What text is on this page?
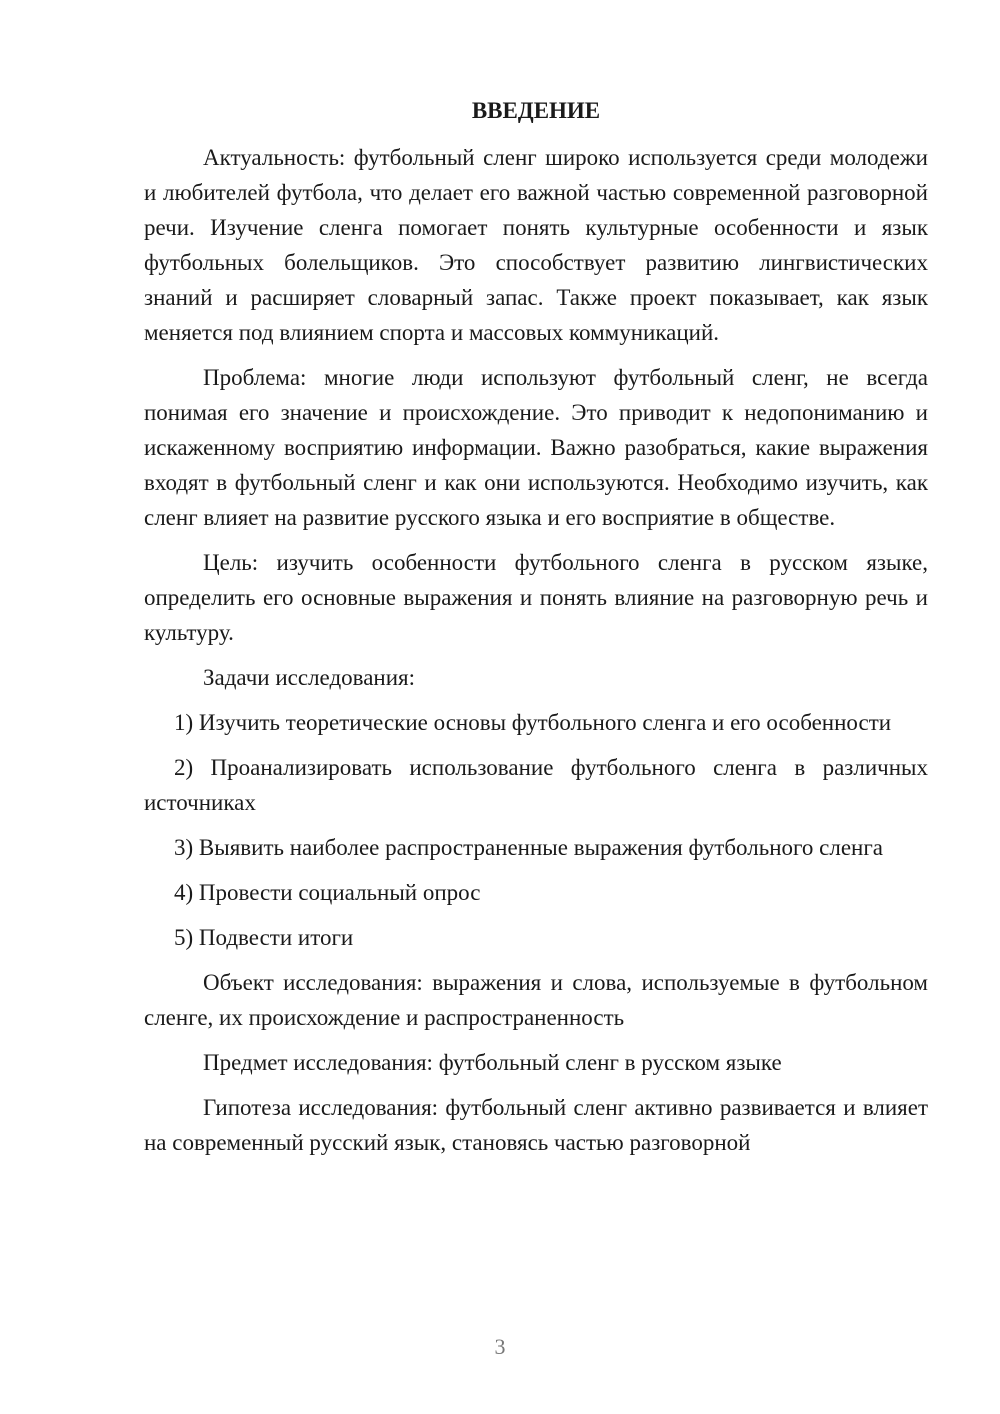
ВВЕДЕНИЕ

Актуальность: футбольный сленг широко используется среди молодежи и любителей футбола, что делает его важной частью современной разговорной речи. Изучение сленга помогает понять культурные особенности и язык футбольных болельщиков. Это способствует развитию лингвистических знаний и расширяет словарный запас. Также проект показывает, как язык меняется под влиянием спорта и массовых коммуникаций.

Проблема: многие люди используют футбольный сленг, не всегда понимая его значение и происхождение. Это приводит к недопониманию и искаженному восприятию информации. Важно разобраться, какие выражения входят в футбольный сленг и как они используются. Необходимо изучить, как сленг влияет на развитие русского языка и его восприятие в обществе.

Цель: изучить особенности футбольного сленга в русском языке, определить его основные выражения и понять влияние на разговорную речь и культуру.

Задачи исследования:

1) Изучить теоретические основы футбольного сленга и его особенности

2) Проанализировать использование футбольного сленга в различных источниках

3) Выявить наиболее распространенные выражения футбольного сленга

4) Провести социальный опрос

5) Подвести итоги

Объект исследования: выражения и слова, используемые в футбольном сленге, их происхождение и распространенность

Предмет исследования: футбольный сленг в русском языке

Гипотеза исследования: футбольный сленг активно развивается и влияет на современный русский язык, становясь частью разговорной

3
